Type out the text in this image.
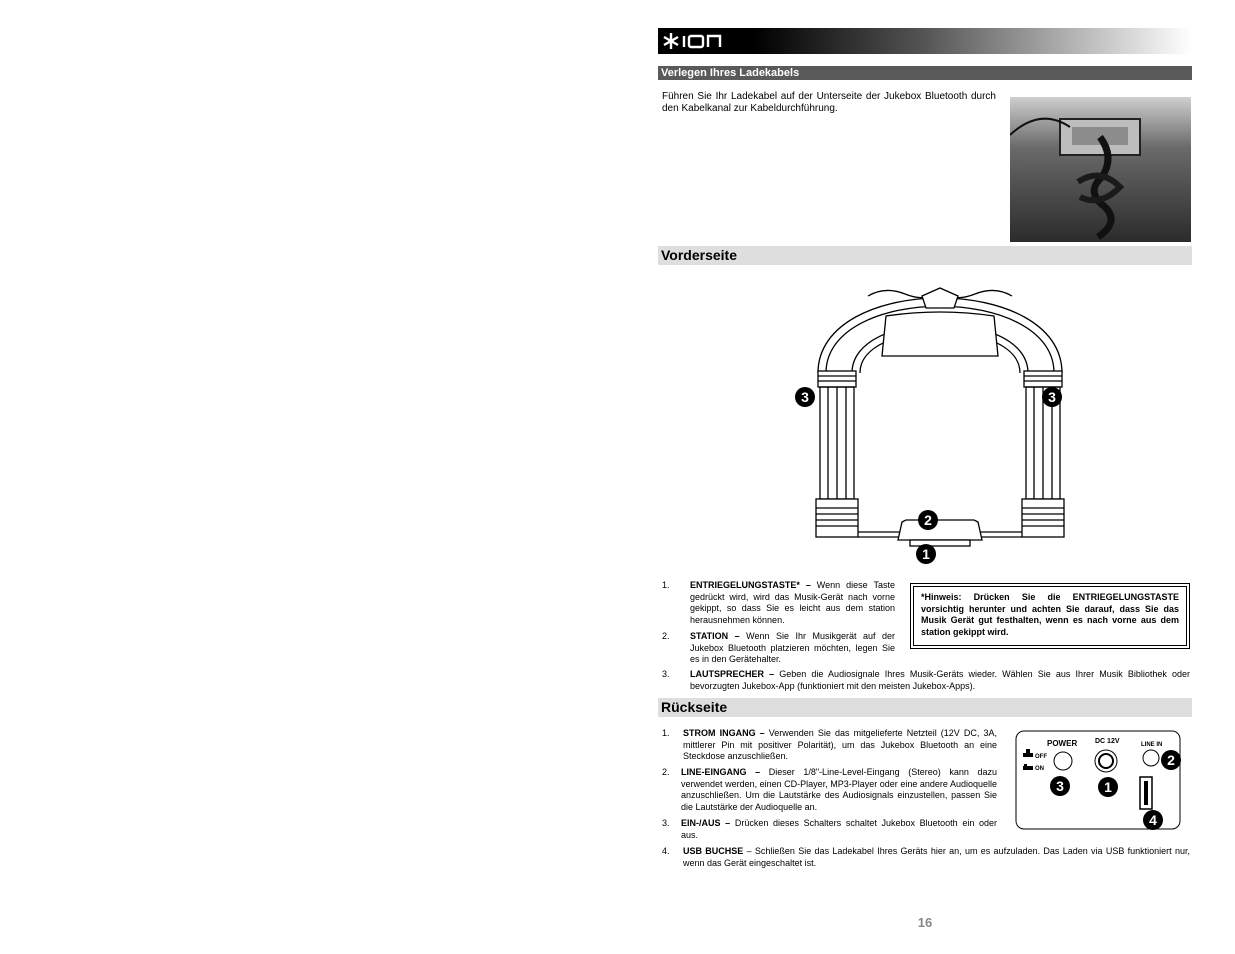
ION
Verlegen Ihres Ladekabels
Führen Sie Ihr Ladekabel auf der Unterseite der Jukebox Bluetooth durch den Kabelkanal zur Kabeldurchführung.
Vorderseite
3	3
2
1
1. ENTRIEGELUNGSTASTE* – Wenn diese Taste gedrückt wird, wird das Musik-Gerät nach vorne gekippt, so dass Sie es leicht aus dem station herausnehmen können.
2. STATION – Wenn Sie Ihr Musikgerät auf der Jukebox Bluetooth platzieren möchten, legen Sie es in den Gerätehalter.
3. LAUTSPRECHER – Geben die Audiosignale Ihres Musik-Geräts wieder. Wählen Sie aus Ihrer Musik Bibliothek oder bevorzugten Jukebox-App (funktioniert mit den meisten Jukebox-Apps).
*Hinweis: Drücken Sie die ENTRIEGELUNGSTASTE vorsichtig herunter und achten Sie darauf, dass Sie das Musik Gerät gut festhalten, wenn es nach vorne aus dem station gekippt wird.
Rückseite
1. STROM INGANG – Verwenden Sie das mitgelieferte Netzteil (12V DC, 3A, mittlerer Pin mit positiver Polarität), um das Jukebox Bluetooth an eine Steckdose anzuschließen.
2. LINE-EINGANG – Dieser 1/8"-Line-Level-Eingang (Stereo) kann dazu verwendet werden, einen CD-Player, MP3-Player oder eine andere Audioquelle anzuschließen. Um die Lautstärke des Audiosignals einzustellen, passen Sie die Lautstärke der Audioquelle an.
3. EIN-/AUS – Drücken dieses Schalters schaltet Jukebox Bluetooth ein oder aus.
4. USB BUCHSE – Schließen Sie das Ladekabel Ihres Geräts hier an, um es aufzuladen. Das Laden via USB funktioniert nur, wenn das Gerät eingeschaltet ist.
POWER	DC 12V	LINE IN
OFF
ON
2
3	1
4
16
